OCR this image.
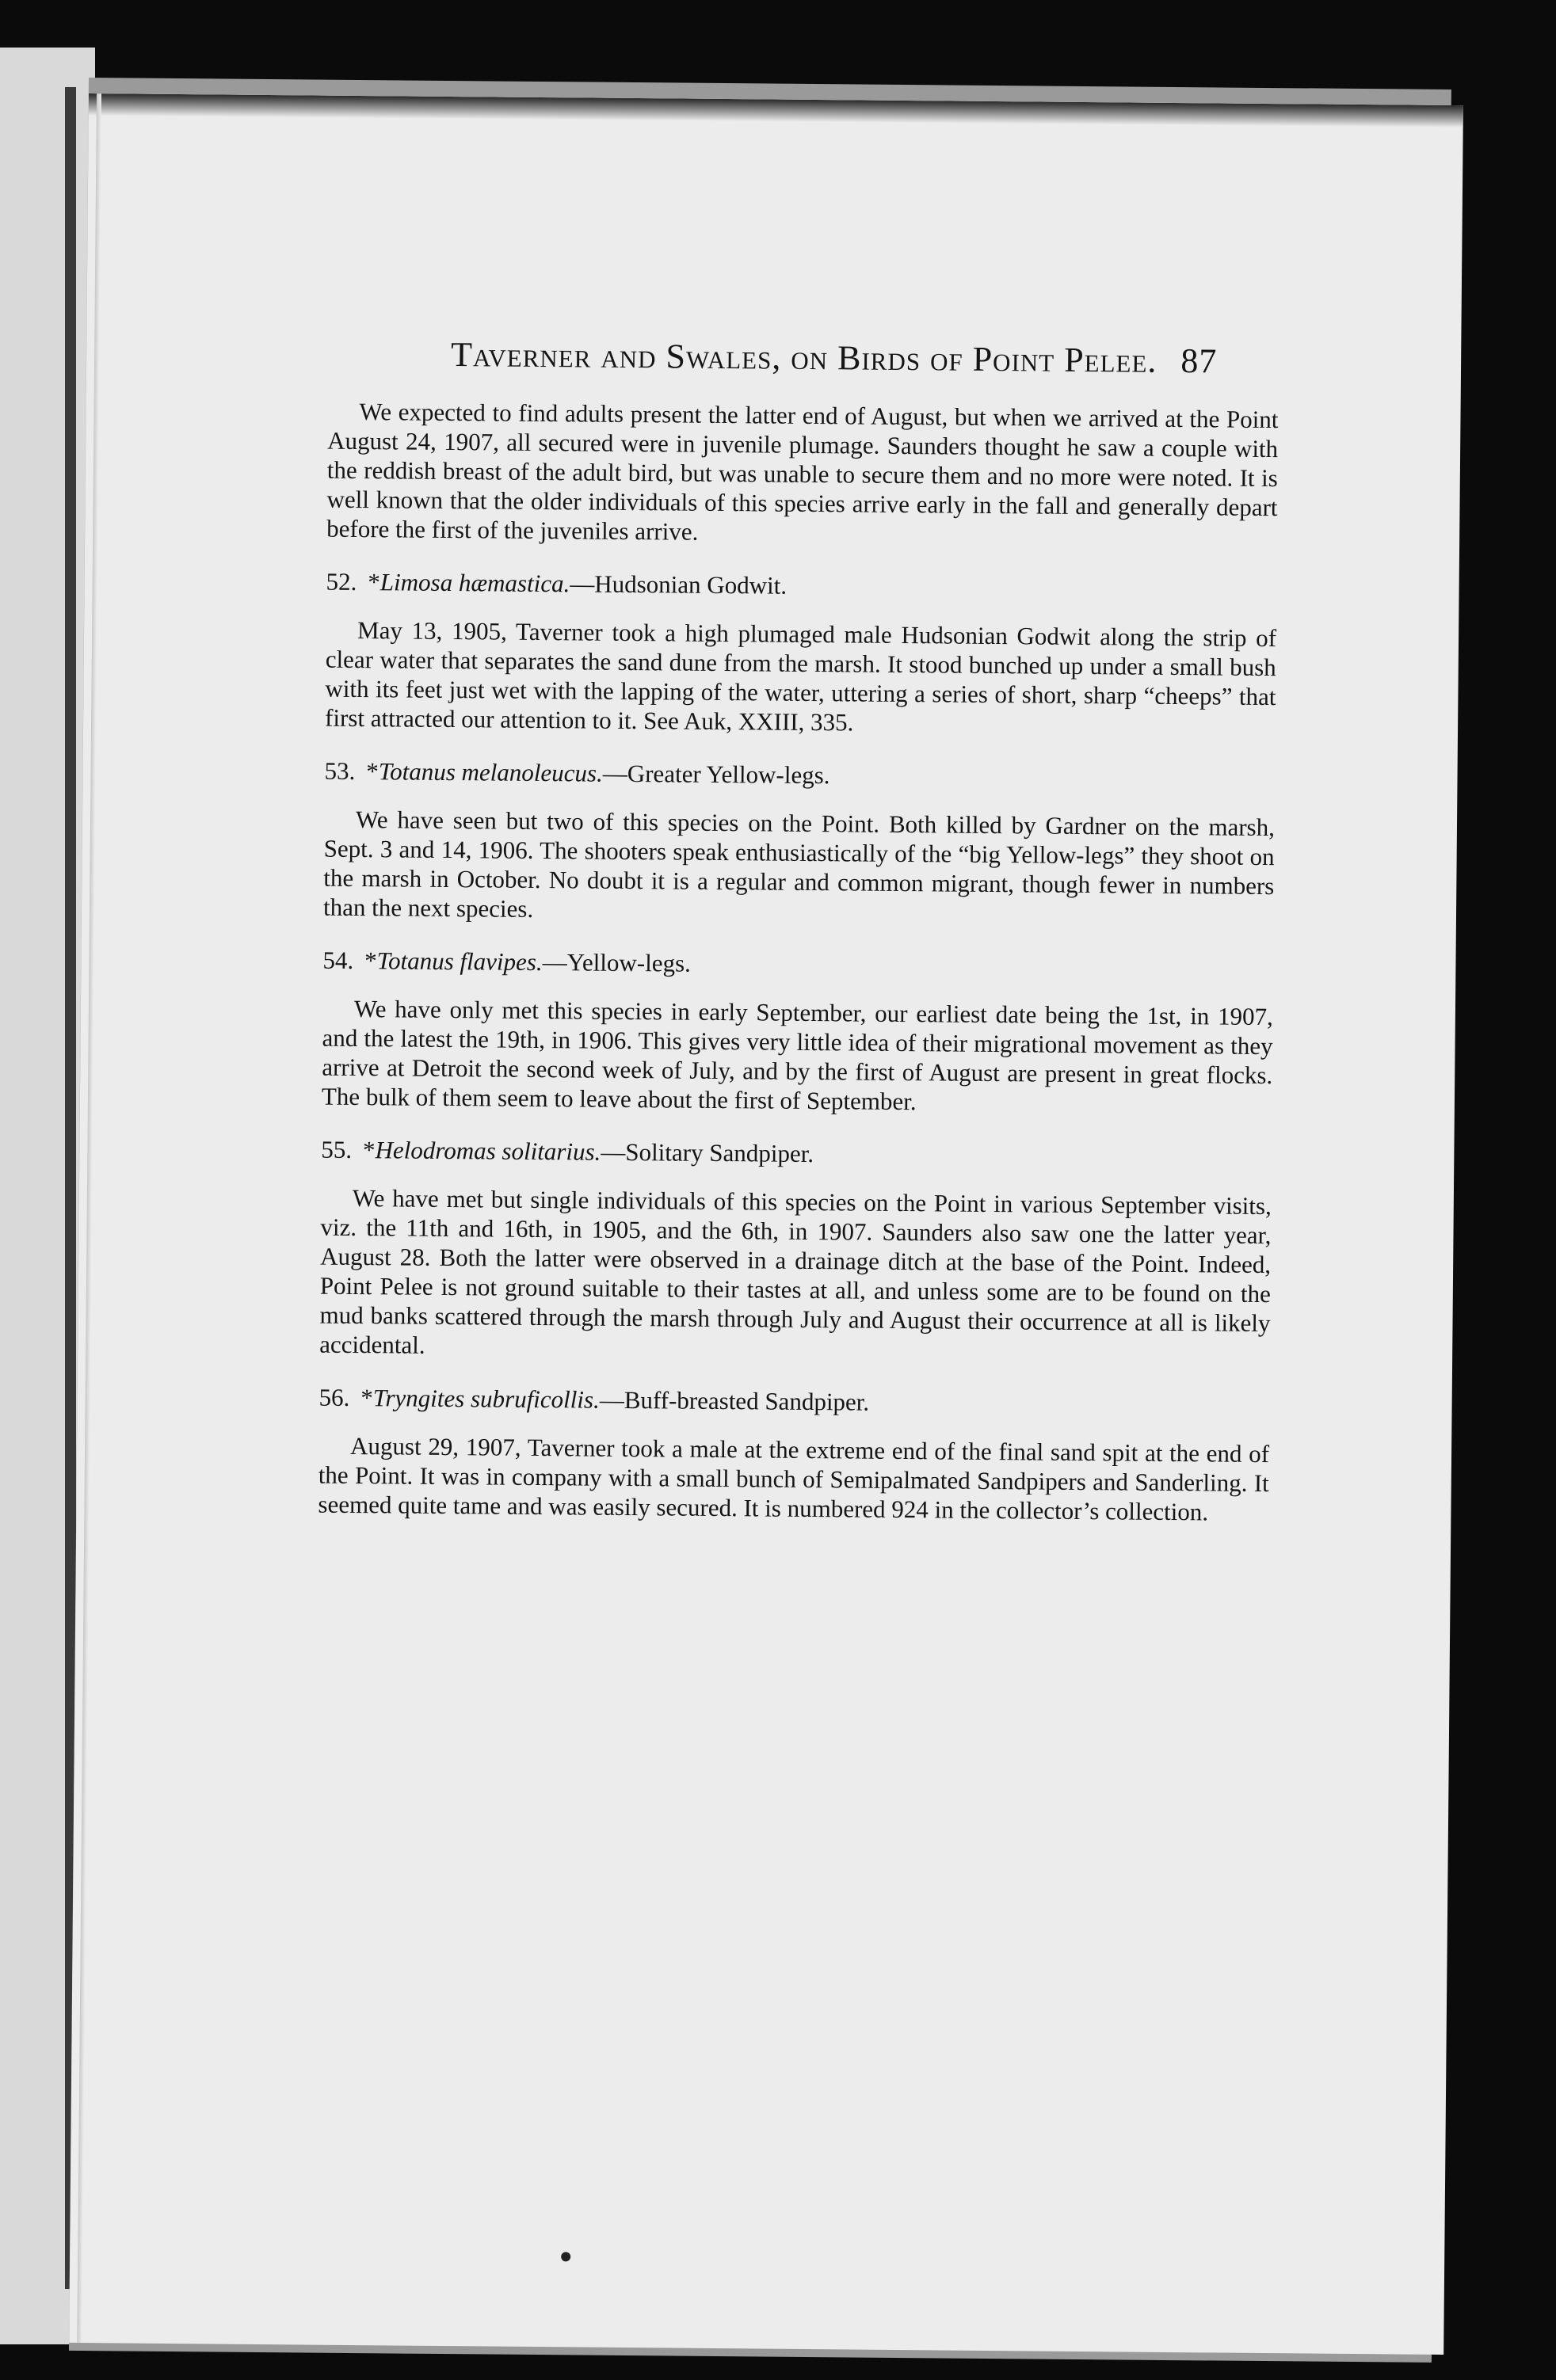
Taverner and Swales, on Birds of Point Pelee. 87

We expected to find adults present the latter end of August, but when we arrived at the Point August 24, 1907, all secured were in juvenile plumage. Saunders thought he saw a couple with the reddish breast of the adult bird, but was unable to secure them and no more were noted. It is well known that the older individuals of this species arrive early in the fall and generally depart before the first of the juveniles arrive.

52. *Limosa hæmastica.—Hudsonian Godwit.

May 13, 1905, Taverner took a high plumaged male Hudsonian Godwit along the strip of clear water that separates the sand dune from the marsh. It stood bunched up under a small bush with its feet just wet with the lapping of the water, uttering a series of short, sharp “cheeps” that first attracted our attention to it. See Auk, XXIII, 335.

53. *Totanus melanoleucus.—Greater Yellow-legs.

We have seen but two of this species on the Point. Both killed by Gardner on the marsh, Sept. 3 and 14, 1906. The shooters speak enthusiastically of the “big Yellow-legs” they shoot on the marsh in October. No doubt it is a regular and common migrant, though fewer in numbers than the next species.

54. *Totanus flavipes.—Yellow-legs.

We have only met this species in early September, our earliest date being the 1st, in 1907, and the latest the 19th, in 1906. This gives very little idea of their migrational movement as they arrive at Detroit the second week of July, and by the first of August are present in great flocks. The bulk of them seem to leave about the first of September.

55. *Helodromas solitarius.—Solitary Sandpiper.

We have met but single individuals of this species on the Point in various September visits, viz. the 11th and 16th, in 1905, and the 6th, in 1907. Saunders also saw one the latter year, August 28. Both the latter were observed in a drainage ditch at the base of the Point. Indeed, Point Pelee is not ground suitable to their tastes at all, and unless some are to be found on the mud banks scattered through the marsh through July and August their occurrence at all is likely accidental.

56. *Tryngites subruficollis.—Buff-breasted Sandpiper.

August 29, 1907, Taverner took a male at the extreme end of the final sand spit at the end of the Point. It was in company with a small bunch of Semipalmated Sandpipers and Sanderling. It seemed quite tame and was easily secured. It is numbered 924 in the collector’s collection.
